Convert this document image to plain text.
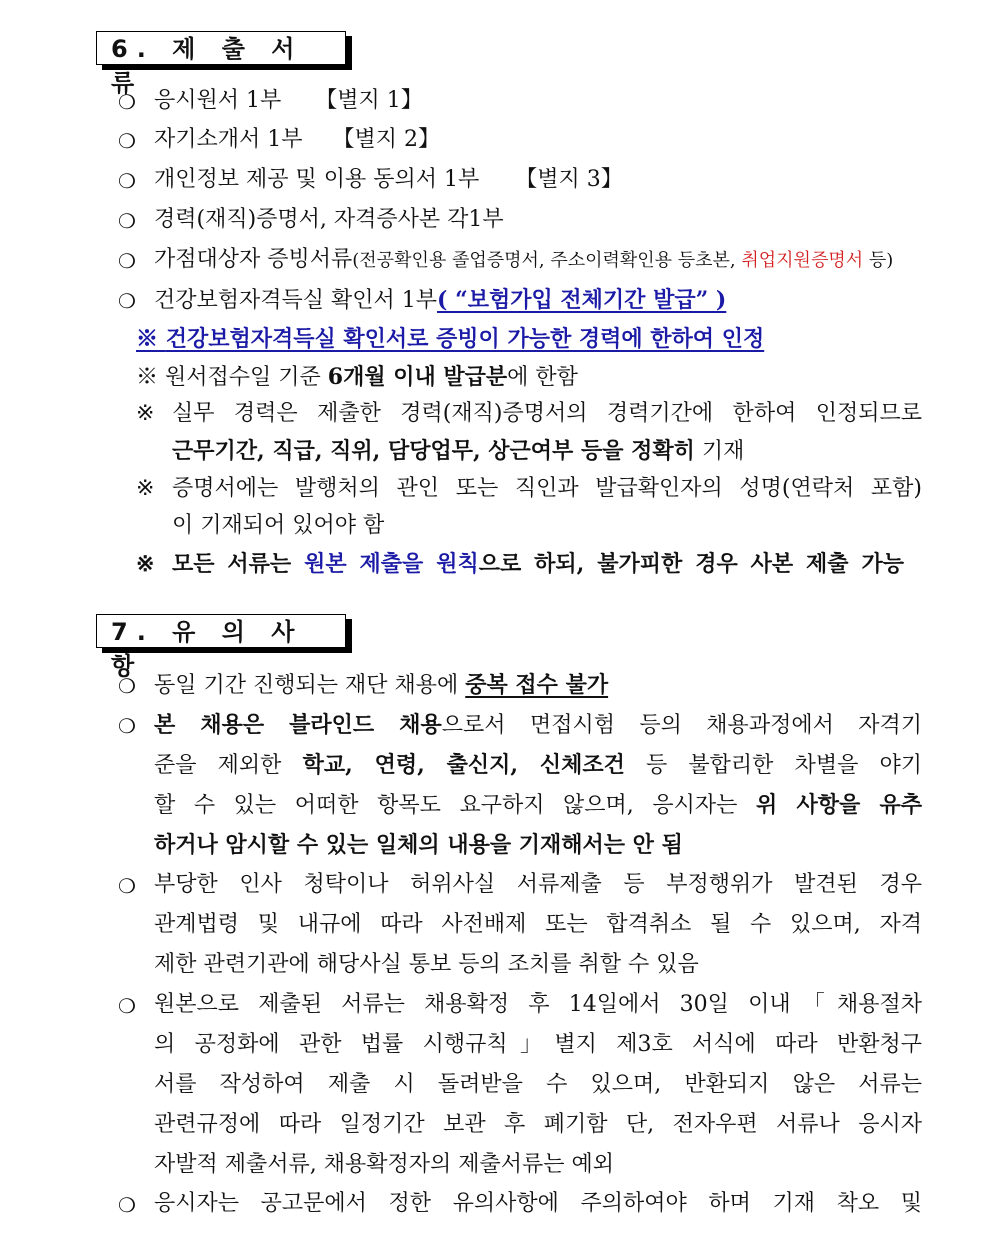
6. 제 출 서 류
❍ 응시원서 1부 【별지 1】
❍ 자기소개서 1부 【별지 2】
❍ 개인정보 제공 및 이용 동의서 1부 【별지 3】
❍ 경력(재직)증명서, 자격증사본 각1부
❍ 가점대상자 증빙서류(전공확인용 졸업증명서, 주소이력확인용 등초본, 취업지원증명서 등)
❍ 건강보험자격득실 확인서 1부( “보험가입 전체기간 발급” )
※ 건강보험자격득실 확인서로 증빙이 가능한 경력에 한하여 인정
※ 원서접수일 기준 6개월 이내 발급분에 한함
※ 실무 경력은 제출한 경력(재직)증명서의 경력기간에 한하여 인정되므로
근무기간, 직급, 직위, 담당업무, 상근여부 등을 정확히 기재
※ 증명서에는 발행처의 관인 또는 직인과 발급확인자의 성명(연락처 포함)
이 기재되어 있어야 함
※ 모든 서류는 원본 제출을 원칙으로 하되, 불가피한 경우 사본 제출 가능
7. 유 의 사 항
❍ 동일 기간 진행되는 재단 채용에 중복 접수 불가
❍ 본 채용은 블라인드 채용으로서 면접시험 등의 채용과정에서 자격기
준을 제외한 학교, 연령, 출신지, 신체조건 등 불합리한 차별을 야기
할 수 있는 어떠한 항목도 요구하지 않으며, 응시자는 위 사항을 유추
하거나 암시할 수 있는 일체의 내용을 기재해서는 안 됨
❍ 부당한 인사 청탁이나 허위사실 서류제출 등 부정행위가 발견된 경우
관계법령 및 내규에 따라 사전배제 또는 합격취소 될 수 있으며, 자격
제한 관련기관에 해당사실 통보 등의 조치를 취할 수 있음
❍ 원본으로 제출된 서류는 채용확정 후 14일에서 30일 이내「채용절차
의 공정화에 관한 법률 시행규칙」별지 제3호 서식에 따라 반환청구
서를 작성하여 제출 시 돌려받을 수 있으며, 반환되지 않은 서류는
관련규정에 따라 일정기간 보관 후 폐기함 단, 전자우편 서류나 응시자
자발적 제출서류, 채용확정자의 제출서류는 예외
❍ 응시자는 공고문에서 정한 유의사항에 주의하여야 하며 기재 착오 및
